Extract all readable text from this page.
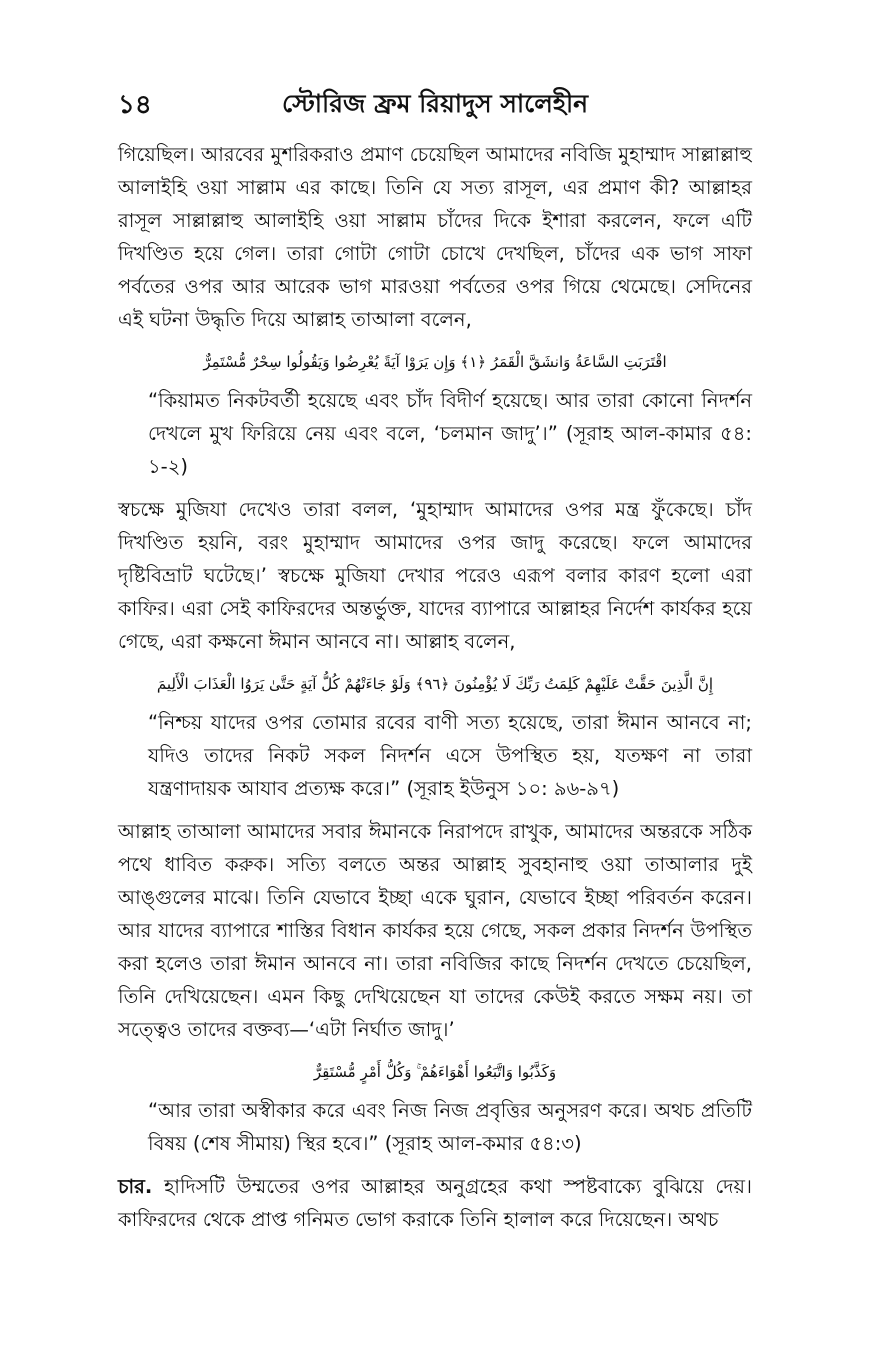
১৪	স্টোরিজ ফ্রম রিয়াদুস সালেহীন

গিয়েছিল। আরবের মুশরিকরাও প্রমাণ চেয়েছিল আমাদের নবিজি মুহাম্মাদ সাল্লাল্লাহু আলাইহি ওয়া সাল্লাম এর কাছে। তিনি যে সত্য রাসূল, এর প্রমাণ কী? আল্লাহর রাসূল সাল্লাল্লাহু আলাইহি ওয়া সাল্লাম চাঁদের দিকে ইশারা করলেন, ফলে এটি দিখণ্ডিত হয়ে গেল। তারা গোটা গোটা চোখে দেখছিল, চাঁদের এক ভাগ সাফা পর্বতের ওপর আর আরেক ভাগ মারওয়া পর্বতের ওপর গিয়ে থেমেছে। সেদিনের এই ঘটনা উদ্ধৃতি দিয়ে আল্লাহ তাআলা বলেন,

اقْتَرَبَتِ السَّاعَةُ وَانشَقَّ الْقَمَرُ ﴿١﴾ وَإِن يَرَوْا آيَةً يُعْرِضُوا وَيَقُولُوا سِحْرٌ مُّسْتَمِرٌّ

“কিয়ামত নিকটবর্তী হয়েছে এবং চাঁদ বিদীর্ণ হয়েছে। আর তারা কোনো নিদর্শন দেখলে মুখ ফিরিয়ে নেয় এবং বলে, ‘চলমান জাদু’।” (সূরাহ আল-কামার ৫৪: ১-২)

স্বচক্ষে মুজিযা দেখেও তারা বলল, ‘মুহাম্মাদ আমাদের ওপর মন্ত্র ফুঁকেছে। চাঁদ দিখণ্ডিত হয়নি, বরং মুহাম্মাদ আমাদের ওপর জাদু করেছে। ফলে আমাদের দৃষ্টিবিভ্রাট ঘটেছে।’ স্বচক্ষে মুজিযা দেখার পরেও এরূপ বলার কারণ হলো এরা কাফির। এরা সেই কাফিরদের অন্তর্ভুক্ত, যাদের ব্যাপারে আল্লাহর নির্দেশ কার্যকর হয়ে গেছে, এরা কক্ষনো ঈমান আনবে না। আল্লাহ বলেন,

إِنَّ الَّذِينَ حَقَّتْ عَلَيْهِمْ كَلِمَتُ رَبِّكَ لَا يُؤْمِنُونَ ﴿٩٦﴾ وَلَوْ جَاءَتْهُمْ كُلُّ آيَةٍ حَتَّىٰ يَرَوُا الْعَذَابَ الْأَلِيمَ

“নিশ্চয় যাদের ওপর তোমার রবের বাণী সত্য হয়েছে, তারা ঈমান আনবে না; যদিও তাদের নিকট সকল নিদর্শন এসে উপস্থিত হয়, যতক্ষণ না তারা যন্ত্রণাদায়ক আযাব প্রত্যক্ষ করে।” (সূরাহ ইউনুস ১০: ৯৬-৯৭)

আল্লাহ তাআলা আমাদের সবার ঈমানকে নিরাপদে রাখুক, আমাদের অন্তরকে সঠিক পথে ধাবিত করুক। সত্যি বলতে অন্তর আল্লাহ সুবহানাহু ওয়া তাআলার দুই আঙ্গুলের মাঝে। তিনি যেভাবে ইচ্ছা একে ঘুরান, যেভাবে ইচ্ছা পরিবর্তন করেন। আর যাদের ব্যাপারে শাস্তির বিধান কার্যকর হয়ে গেছে, সকল প্রকার নিদর্শন উপস্থিত করা হলেও তারা ঈমান আনবে না। তারা নবিজির কাছে নিদর্শন দেখতে চেয়েছিল, তিনি দেখিয়েছেন। এমন কিছু দেখিয়েছেন যা তাদের কেউই করতে সক্ষম নয়। তা সত্ত্বেও তাদের বক্তব্য—‘এটা নির্ঘাত জাদু।’

وَكَذَّبُوا وَاتَّبَعُوا أَهْوَاءَهُمْ ۚ وَكُلُّ أَمْرٍ مُّسْتَقِرٌّ

“আর তারা অস্বীকার করে এবং নিজ নিজ প্রবৃত্তির অনুসরণ করে। অথচ প্রতিটি বিষয় (শেষ সীমায়) স্থির হবে।” (সূরাহ আল-কমার ৫৪:৩)

চার. হাদিসটি উম্মতের ওপর আল্লাহর অনুগ্রহের কথা স্পষ্টবাক্যে বুঝিয়ে দেয়। কাফিরদের থেকে প্রাপ্ত গনিমত ভোগ করাকে তিনি হালাল করে দিয়েছেন। অথচ
